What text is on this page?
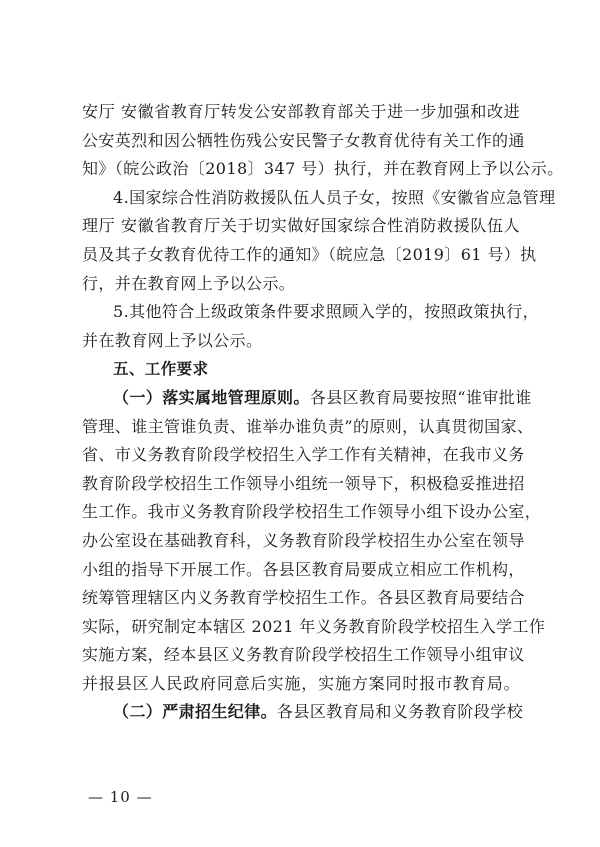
安厅 安徽省教育厅转发公安部教育部关于进一步加强和改进
公安英烈和因公牺牲伤残公安民警子女教育优待有关工作的通
知》（皖公政治〔2018〕347 号）执行，并在教育网上予以公示。
4.国家综合性消防救援队伍人员子女，按照《安徽省应急管理
理厅 安徽省教育厅关于切实做好国家综合性消防救援队伍人
员及其子女教育优待工作的通知》（皖应急〔2019〕61 号）执
行，并在教育网上予以公示。
5.其他符合上级政策条件要求照顾入学的，按照政策执行，
并在教育网上予以公示。
五、工作要求
（一）落实属地管理原则。 各县区教育局要按照“谁审批谁
管理、谁主管谁负责、谁举办谁负责”的原则，认真贯彻国家、
省、市义务教育阶段学校招生入学工作有关精神，在我市义务
教育阶段学校招生工作领导小组统一领导下，积极稳妥推进招
生工作。我市义务教育阶段学校招生工作领导小组下设办公室，
办公室设在基础教育科，义务教育阶段学校招生办公室在领导
小组的指导下开展工作。各县区教育局要成立相应工作机构，
统筹管理辖区内义务教育学校招生工作。各县区教育局要结合
实际，研究制定本辖区 2021 年义务教育阶段学校招生入学工作
实施方案，经本县区义务教育阶段学校招生工作领导小组审议
并报县区人民政府同意后实施，实施方案同时报市教育局。
（二）严肃招生纪律。 各县区教育局和义务教育阶段学校
— 10 —
